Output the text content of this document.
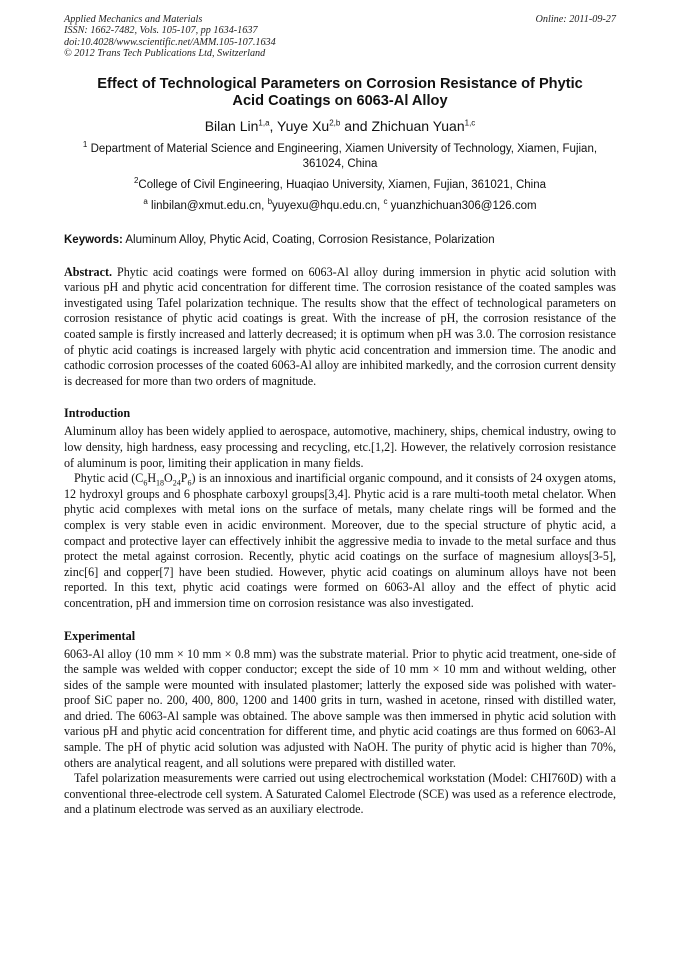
Applied Mechanics and Materials
ISSN: 1662-7482, Vols. 105-107, pp 1634-1637
doi:10.4028/www.scientific.net/AMM.105-107.1634
© 2012 Trans Tech Publications Ltd, Switzerland
Online: 2011-09-27
Effect of Technological Parameters on Corrosion Resistance of Phytic
Acid Coatings on 6063-Al Alloy
Bilan Lin$^{1,a}$, Yuye Xu$^{2,b}$ and Zhichuan Yuan$^{1,c}$
$^1$ Department of Material Science and Engineering, Xiamen University of Technology, Xiamen, Fujian, 361024, China
$^2$College of Civil Engineering, Huaqiao University, Xiamen, Fujian, 361021, China
$^a$ linbilan@xmut.edu.cn, $^b$yuyexu@hqu.edu.cn, $^c$ yuanzhichuan306@126.com
Keywords: Aluminum Alloy, Phytic Acid, Coating, Corrosion Resistance, Polarization

Abstract. Phytic acid coatings were formed on 6063-Al alloy during immersion in phytic acid solution with various pH and phytic acid concentration for different time. The corrosion resistance of the coated samples was investigated using Tafel polarization technique. The results show that the effect of technological parameters on corrosion resistance of phytic acid coatings is great. With the increase of pH, the corrosion resistance of the coated sample is firstly increased and latterly decreased; it is optimum when pH was 3.0. The corrosion resistance of phytic acid coatings is increased largely with phytic acid concentration and immersion time. The anodic and cathodic corrosion processes of the coated 6063-Al alloy are inhibited markedly, and the corrosion current density is decreased for more than two orders of magnitude.

Introduction

Aluminum alloy has been widely applied to aerospace, automotive, machinery, ships, chemical industry, owing to low density, high hardness, easy processing and recycling, etc.[1,2]. However, the relatively corrosion resistance of aluminum is poor, limiting their application in many fields.

Phytic acid $(C_6H_{18}O_{24}P_6)$ is an innoxious and inartificial organic compound, and it consists of 24 oxygen atoms, 12 hydroxyl groups and 6 phosphate carboxyl groups[3,4]. Phytic acid is a rare multi-tooth metal chelator. When phytic acid complexes with metal ions on the surface of metals, many chelate rings will be formed and the complex is very stable even in acidic environment. Moreover, due to the special structure of phytic acid, a compact and protective layer can effectively inhibit the aggressive media to invade to the metal surface and thus protect the metal against corrosion. Recently, phytic acid coatings on the surface of magnesium alloys[3-5], zinc[6] and copper[7] have been studied. However, phytic acid coatings on aluminum alloys have not been reported. In this text, phytic acid coatings were formed on 6063-Al alloy and the effect of phytic acid concentration, pH and immersion time on corrosion resistance was also investigated.

Experimental

6063-Al alloy (10 mm × 10 mm × 0.8 mm) was the substrate material. Prior to phytic acid treatment, one-side of the sample was welded with copper conductor; except the side of 10 mm × 10 mm and without welding, other sides of the sample were mounted with insulated plastomer; latterly the exposed side was polished with water-proof SiC paper no. 200, 400, 800, 1200 and 1400 grits in turn, washed in acetone, rinsed with distilled water, and dried. The 6063-Al sample was obtained. The above sample was then immersed in phytic acid solution with various pH and phytic acid concentration for different time, and phytic acid coatings are thus formed on 6063-Al sample. The pH of phytic acid solution was adjusted with NaOH. The purity of phytic acid is higher than 70%, others are analytical reagent, and all solutions were prepared with distilled water.

Tafel polarization measurements were carried out using electrochemical workstation (Model: CHI760D) with a conventional three-electrode cell system. A Saturated Calomel Electrode (SCE) was used as a reference electrode, and a platinum electrode was served as an auxiliary electrode.
